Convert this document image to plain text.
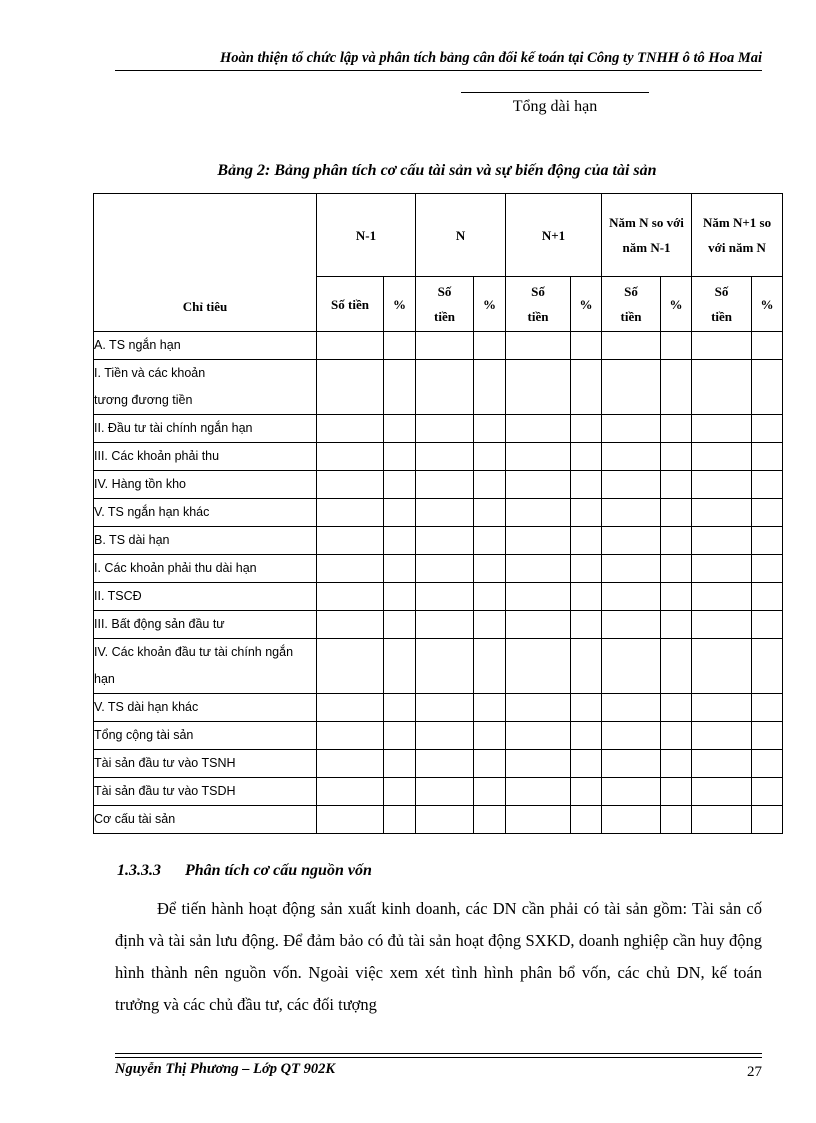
Hoàn thiện tổ chức lập và phân tích bảng cân đối kế toán tại Công ty TNHH ô tô Hoa Mai
Tổng dài hạn
Bảng 2: Bảng phân tích cơ cấu tài sản và sự biến động của tài sản
Chỉ tiêu	N-1		N		N+1		Năm N so với năm N-1		Năm N+1 so với năm N	
	Số tiền	%	Số tiền	%	Số tiền	%	Số tiền	%	Số tiền	%
A. TS ngắn hạn										
I. Tiền và các khoản tương đương tiền										
II. Đầu tư tài chính ngắn hạn										
III. Các khoản phải thu										
IV. Hàng tồn kho										
V. TS ngắn hạn khác										
B. TS dài hạn										
I. Các khoản phải thu dài hạn										
II. TSCĐ										
III. Bất động sản đầu tư										
IV. Các khoản đầu tư tài chính ngắn hạn										
V. TS dài hạn khác										
Tổng cộng tài sản										
Tài sản đầu tư vào TSNH										
Tài sản đầu tư vào TSDH										
Cơ cấu tài sản										
1.3.3.3 Phân tích cơ cấu nguồn vốn
Để tiến hành hoạt động sản xuất kinh doanh, các DN cần phải có tài sản gồm: Tài sản cố định và tài sản lưu động. Để đảm bảo có đủ tài sản hoạt động SXKD, doanh nghiệp cần huy động hình thành nên nguồn vốn. Ngoài việc xem xét tình hình phân bổ vốn, các chủ DN, kế toán trưởng và các chủ đầu tư, các đối tượng
Nguyễn Thị Phương – Lớp QT 902K	27
